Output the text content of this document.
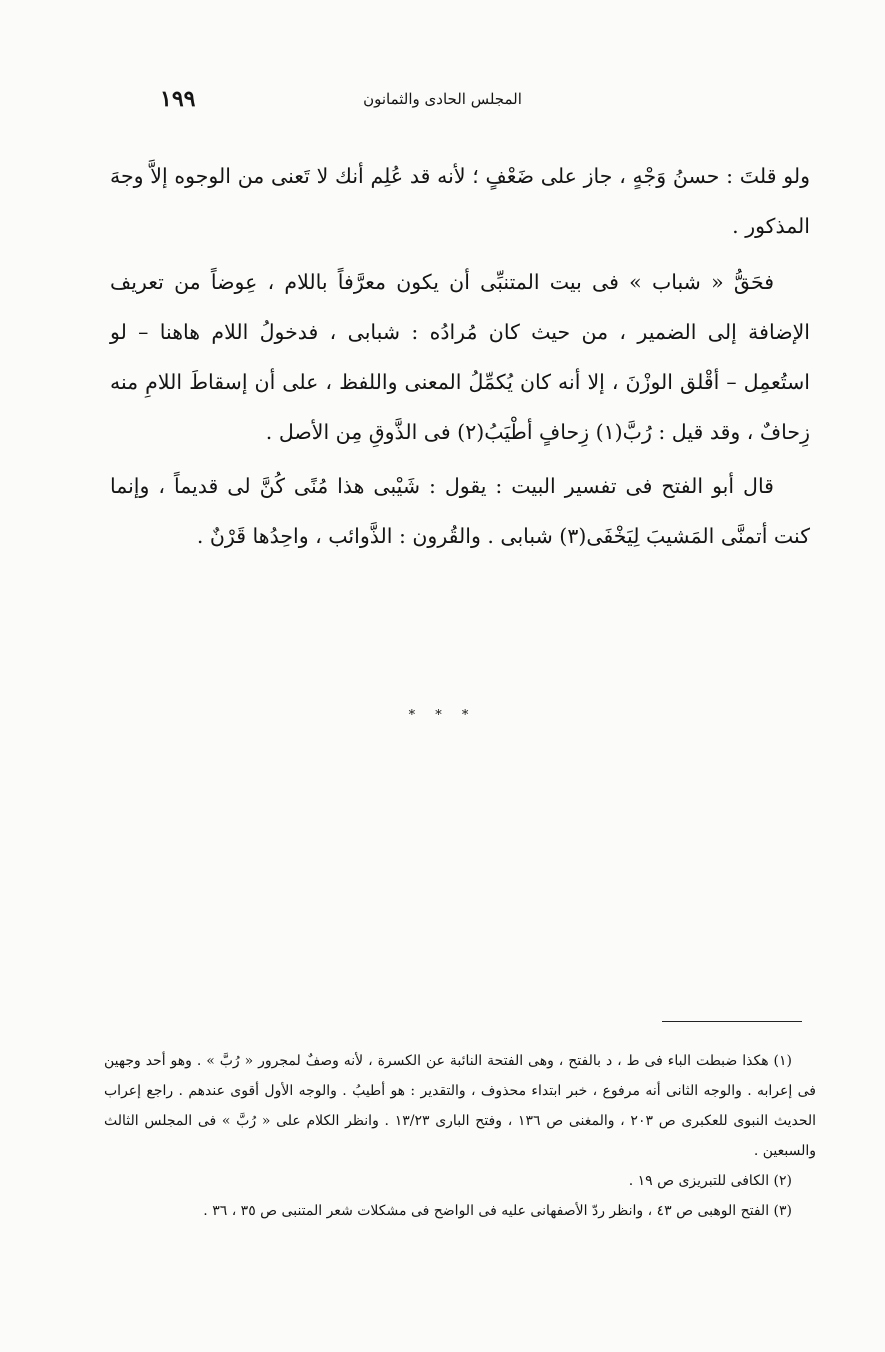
المجلس الحادى والثمانون
١٩٩

ولو قلتَ : حسنُ وَجْهٍ ، جاز على ضَعْفٍ ؛ لأنه قد عُلِم أنك لا تَعنى من الوجوه إلاَّ وجهَ المذكور .

فحَقُّ « شباب » فى بيت المتنبِّى أن يكون معرَّفاً باللام ، عِوضاً من تعريف الإضافة إلى الضمير ، من حيث كان مُرادُه : شبابى ، فدخولُ اللام هاهنا – لو استُعمِل – أقْلق الوزْنَ ، إلا أنه كان يُكمِّلُ المعنى واللفظ ، على أن إسقاطَ اللامِ منه زِحافٌ ، وقد قيل : رُبَّ(١) زِحافٍ أطْيَبُ(٢) فى الذَّوقِ مِن الأصل .

قال أبو الفتح فى تفسير البيت : يقول : شَيْبى هذا مُنًى كُنَّ لى قديماً ، وإنما كنت أتمنَّى المَشيبَ لِيَخْفَى(٣) شبابى . والقُرون : الذَّوائب ، واحِدُها قَرْنٌ .

* * *

(١) هكذا ضبطت الباء فى ط ، د بالفتح ، وهى الفتحة النائبة عن الكسرة ، لأنه وصفٌ لمجرور « رُبَّ » . وهو أحد وجهين فى إعرابه . والوجه الثانى أنه مرفوع ، خبر ابتداء محذوف ، والتقدير : هو أطيبُ . والوجه الأول أقوى عندهم . راجع إعراب الحديث النبوى للعكبرى ص ٢٠٣ ، والمغنى ص ١٣٦ ، وفتح البارى ١٣/٢٣ . وانظر الكلام على « رُبَّ » فى المجلس الثالث والسبعين .

(٢) الكافى للتبريزى ص ١٩ .

(٣) الفتح الوهبى ص ٤٣ ، وانظر ردّ الأصفهانى عليه فى الواضح فى مشكلات شعر المتنبى ص ٣٥ ، ٣٦ .
